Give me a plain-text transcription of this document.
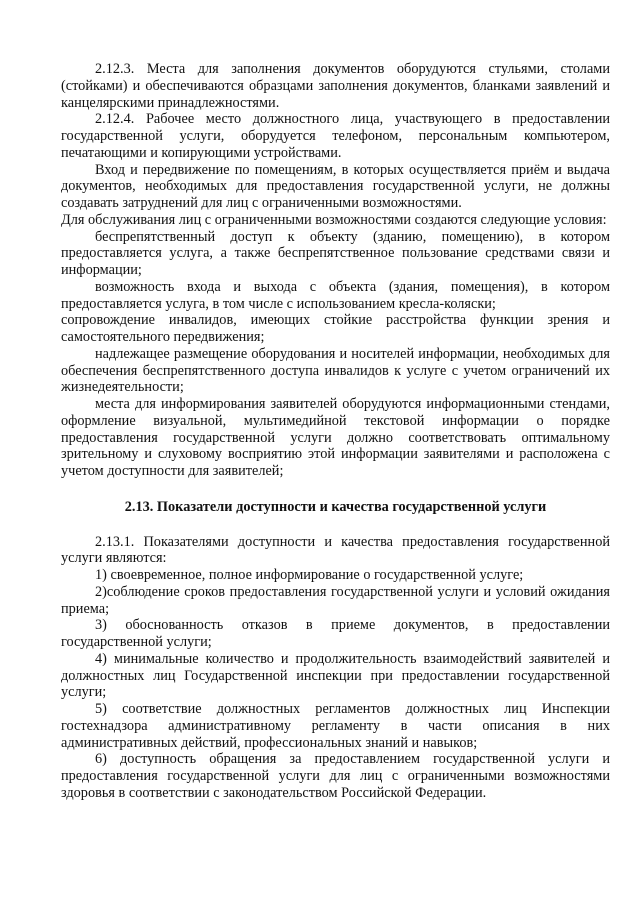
2.12.3. Места для заполнения документов оборудуются стульями, столами (стойками) и обеспечиваются образцами заполнения документов, бланками заявлений и канцелярскими принадлежностями.

2.12.4. Рабочее место должностного лица, участвующего в предоставлении государственной услуги, оборудуется телефоном, персональным компьютером, печатающими и копирующими устройствами.

Вход и передвижение по помещениям, в которых осуществляется приём и выдача документов, необходимых для предоставления государственной услуги, не должны создавать затруднений для лиц с ограниченными возможностями.

Для обслуживания лиц с ограниченными возможностями создаются следующие условия:

беспрепятственный доступ к объекту (зданию, помещению), в котором предоставляется услуга, а также беспрепятственное пользование средствами связи и информации;

возможность входа и выхода с объекта (здания, помещения), в котором предоставляется услуга, в том числе с использованием кресла-коляски;

сопровождение инвалидов, имеющих стойкие расстройства функции зрения и самостоятельного передвижения;

надлежащее размещение оборудования и носителей информации, необходимых для обеспечения беспрепятственного доступа инвалидов к услуге с учетом ограничений их жизнедеятельности;

места для информирования заявителей оборудуются информационными стендами, оформление визуальной, мультимедийной текстовой информации о порядке предоставления государственной услуги должно соответствовать оптимальному зрительному и слуховому восприятию этой информации заявителями и расположена с учетом доступности для заявителей;

2.13. Показатели доступности и качества государственной услуги

2.13.1. Показателями доступности и качества предоставления государственной услуги являются:

1) своевременное, полное информирование о государственной услуге;

2)соблюдение сроков предоставления государственной услуги и условий ожидания приема;

3) обоснованность отказов в приеме документов, в предоставлении государственной услуги;

4) минимальные количество и продолжительность взаимодействий заявителей и должностных лиц Государственной инспекции при предоставлении государственной услуги;

5) соответствие должностных регламентов должностных лиц Инспекции гостехнадзора административному регламенту в части описания в них административных действий, профессиональных знаний и навыков;

6) доступность обращения за предоставлением государственной услуги и предоставления государственной услуги для лиц с ограниченными возможностями здоровья в соответствии с законодательством Российской Федерации.
